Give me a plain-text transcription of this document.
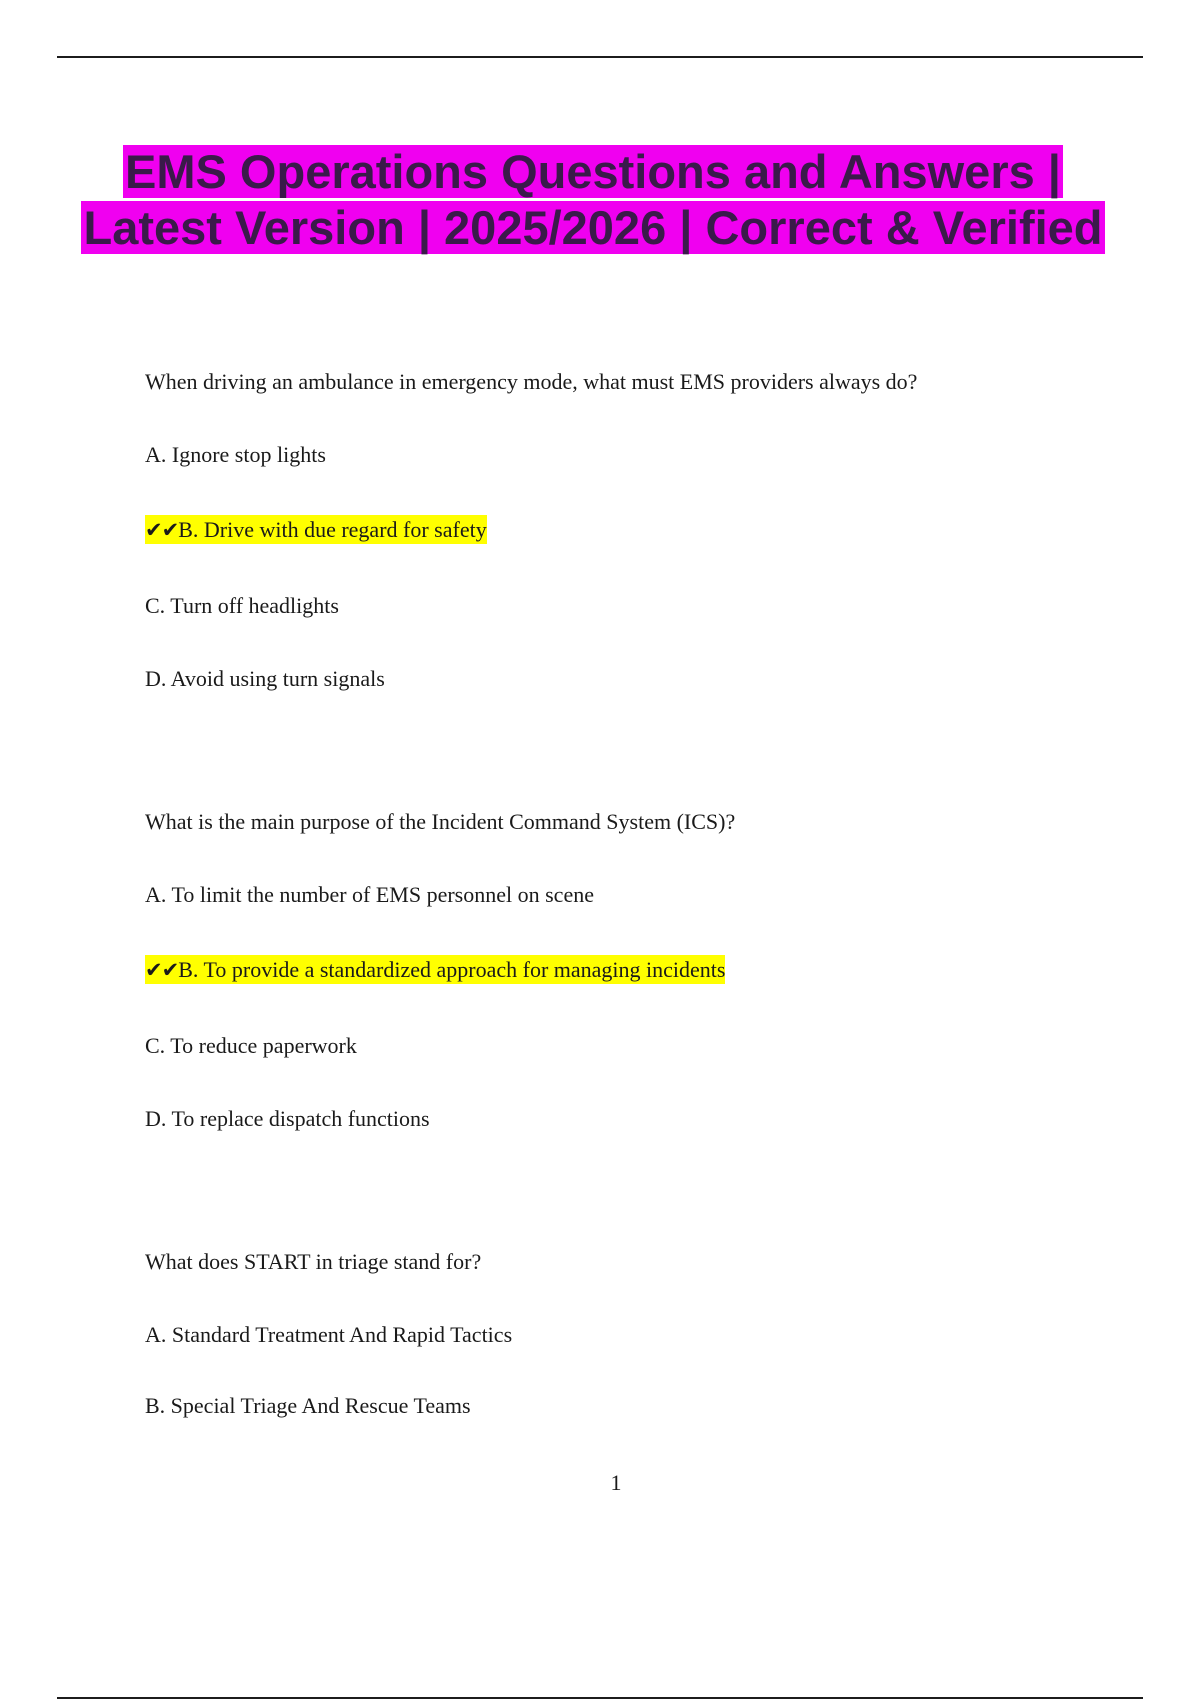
EMS Operations Questions and Answers | Latest Version | 2025/2026 | Correct & Verified
When driving an ambulance in emergency mode, what must EMS providers always do?
A. Ignore stop lights
✔✔B. Drive with due regard for safety
C. Turn off headlights
D. Avoid using turn signals
What is the main purpose of the Incident Command System (ICS)?
A. To limit the number of EMS personnel on scene
✔✔B. To provide a standardized approach for managing incidents
C. To reduce paperwork
D. To replace dispatch functions
What does START in triage stand for?
A. Standard Treatment And Rapid Tactics
B. Special Triage And Rescue Teams
1
